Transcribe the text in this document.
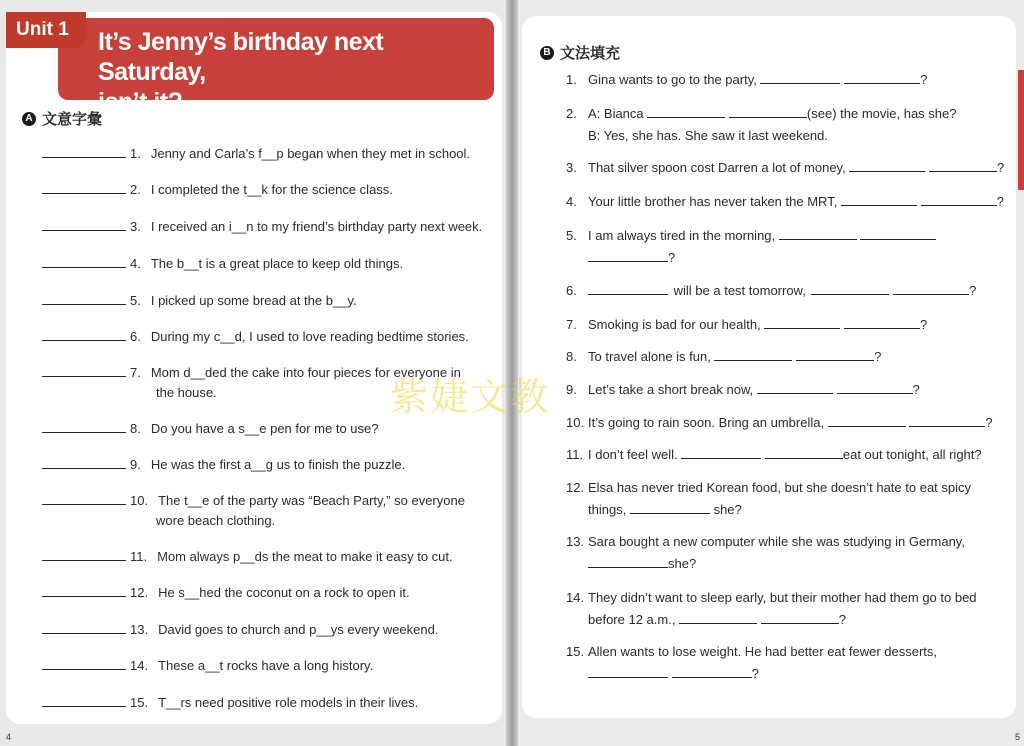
It’s Jenny’s birthday next Saturday,
isn’t it?
Unit 1
A 文意字彙
1. Jenny and Carla’s f__p began when they met in school.
2. I completed the t__k for the science class.
3. I received an i__n to my friend’s birthday party next week.
4. The b__t is a great place to keep old things.
5. I picked up some bread at the b__y.
6. During my c__d, I used to love reading bedtime stories.
7. Mom d__ded the cake into four pieces for everyone in
the house.
8. Do you have a s__e pen for me to use?
9. He was the first a__g us to finish the puzzle.
10. The t__e of the party was “Beach Party,” so everyone
wore beach clothing.
11. Mom always p__ds the meat to make it easy to cut.
12. He s__hed the coconut on a rock to open it.
13. David goes to church and p__ys every weekend.
14. These a__t rocks have a long history.
15. T__rs need positive role models in their lives.
B 文法填充
1. Gina wants to go to the party,	?
2. A: Bianca	(see) the movie, has she?
B: Yes, she has. She saw it last weekend.
3. That silver spoon cost Darren a lot of money,	?
4. Your little brother has never taken the MRT,	?
5. I am always tired in the morning,
?
6.	will be a test tomorrow,	?
7. Smoking is bad for our health,	?
8. To travel alone is fun,	?
9. Let’s take a short break now,	?
10. It’s going to rain soon. Bring an umbrella,	?
11. I don’t feel well.	eat out tonight, all right?
12. Elsa has never tried Korean food, but she doesn’t hate to eat spicy
things,	she?
13. Sara bought a new computer while she was studying in Germany,
she?
14. They didn’t want to sleep early, but their mother had them go to bed
before 12 a.m.,	?
15. Allen wants to lose weight. He had better eat fewer desserts,
?
紫婕文教
4	5
